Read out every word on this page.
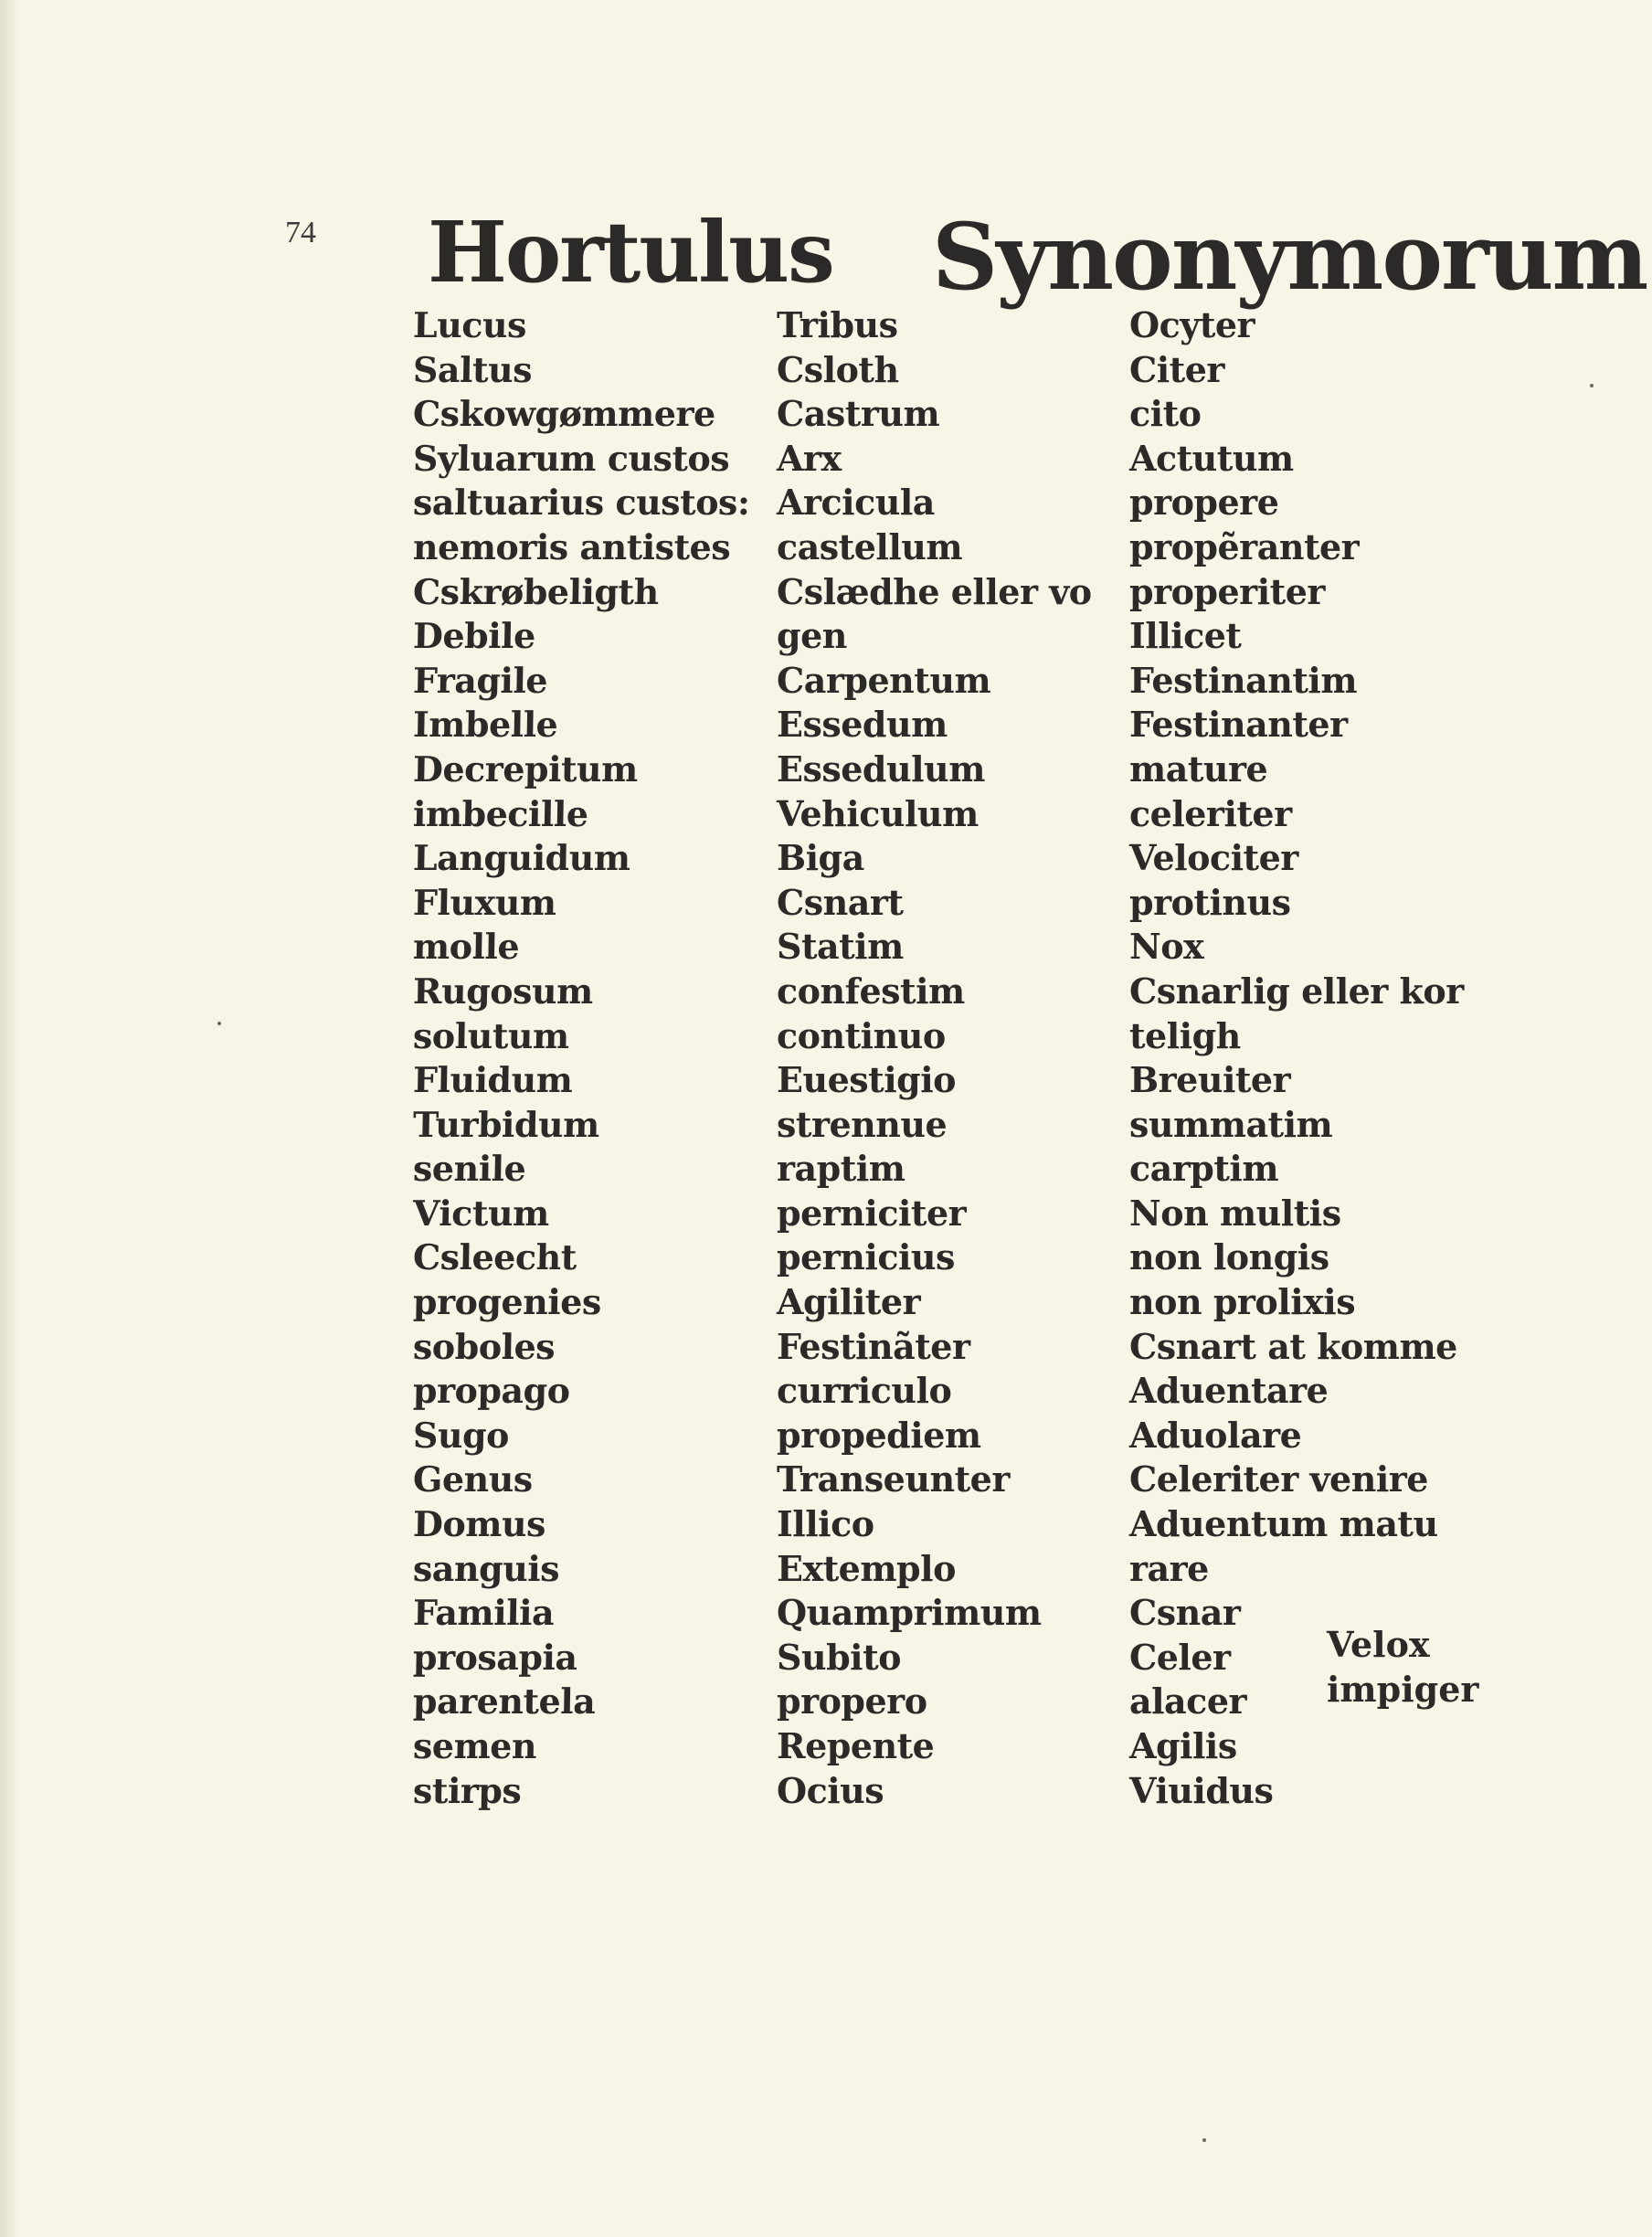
74 Hortulus Synonymorum
Lucus
Saltus
Cskowgømmere
Syluarum custos
saltuarius custos:
nemoris antistes
Cskrøbeligth
Debile
Fragile
Imbelle
Decrepitum
imbecille
Languidum
Fluxum
molle
Rugosum
solutum
Fluidum
Turbidum
senile
Victum
Csleecht
progenies
soboles
propago
Sugo
Genus
Domus
sanguis
Familia
prosapia
parentela
semen
stirps
Tribus
Csloth
Castrum
Arx
Arcicula
castellum
Cslædhe eller vo
gen
Carpentum
Essedum
Essedulum
Vehiculum
Biga
Csnart
Statim
confestim
continuo
Euestigio
strennue
raptim
perniciter
pernicius
Agiliter
Festinãter
curriculo
propediem
Transeunter
Illico
Extemplo
Quamprimum
Subito
propero
Repente
Ocius
Ocyter
Citer
cito
Actutum
propere
propẽranter
properiter
Illicet
Festinantim
Festinanter
mature
celeriter
Velociter
protinus
Nox
Csnarlig eller kor
teligh
Breuiter
summatim
carptim
Non multis
non longis
non prolixis
Csnart at komme
Aduentare
Aduolare
Celeriter venire
Aduentum matu
rare
Csnar
Celer
alacer
Agilis
Viuidus
Velox
impiger
